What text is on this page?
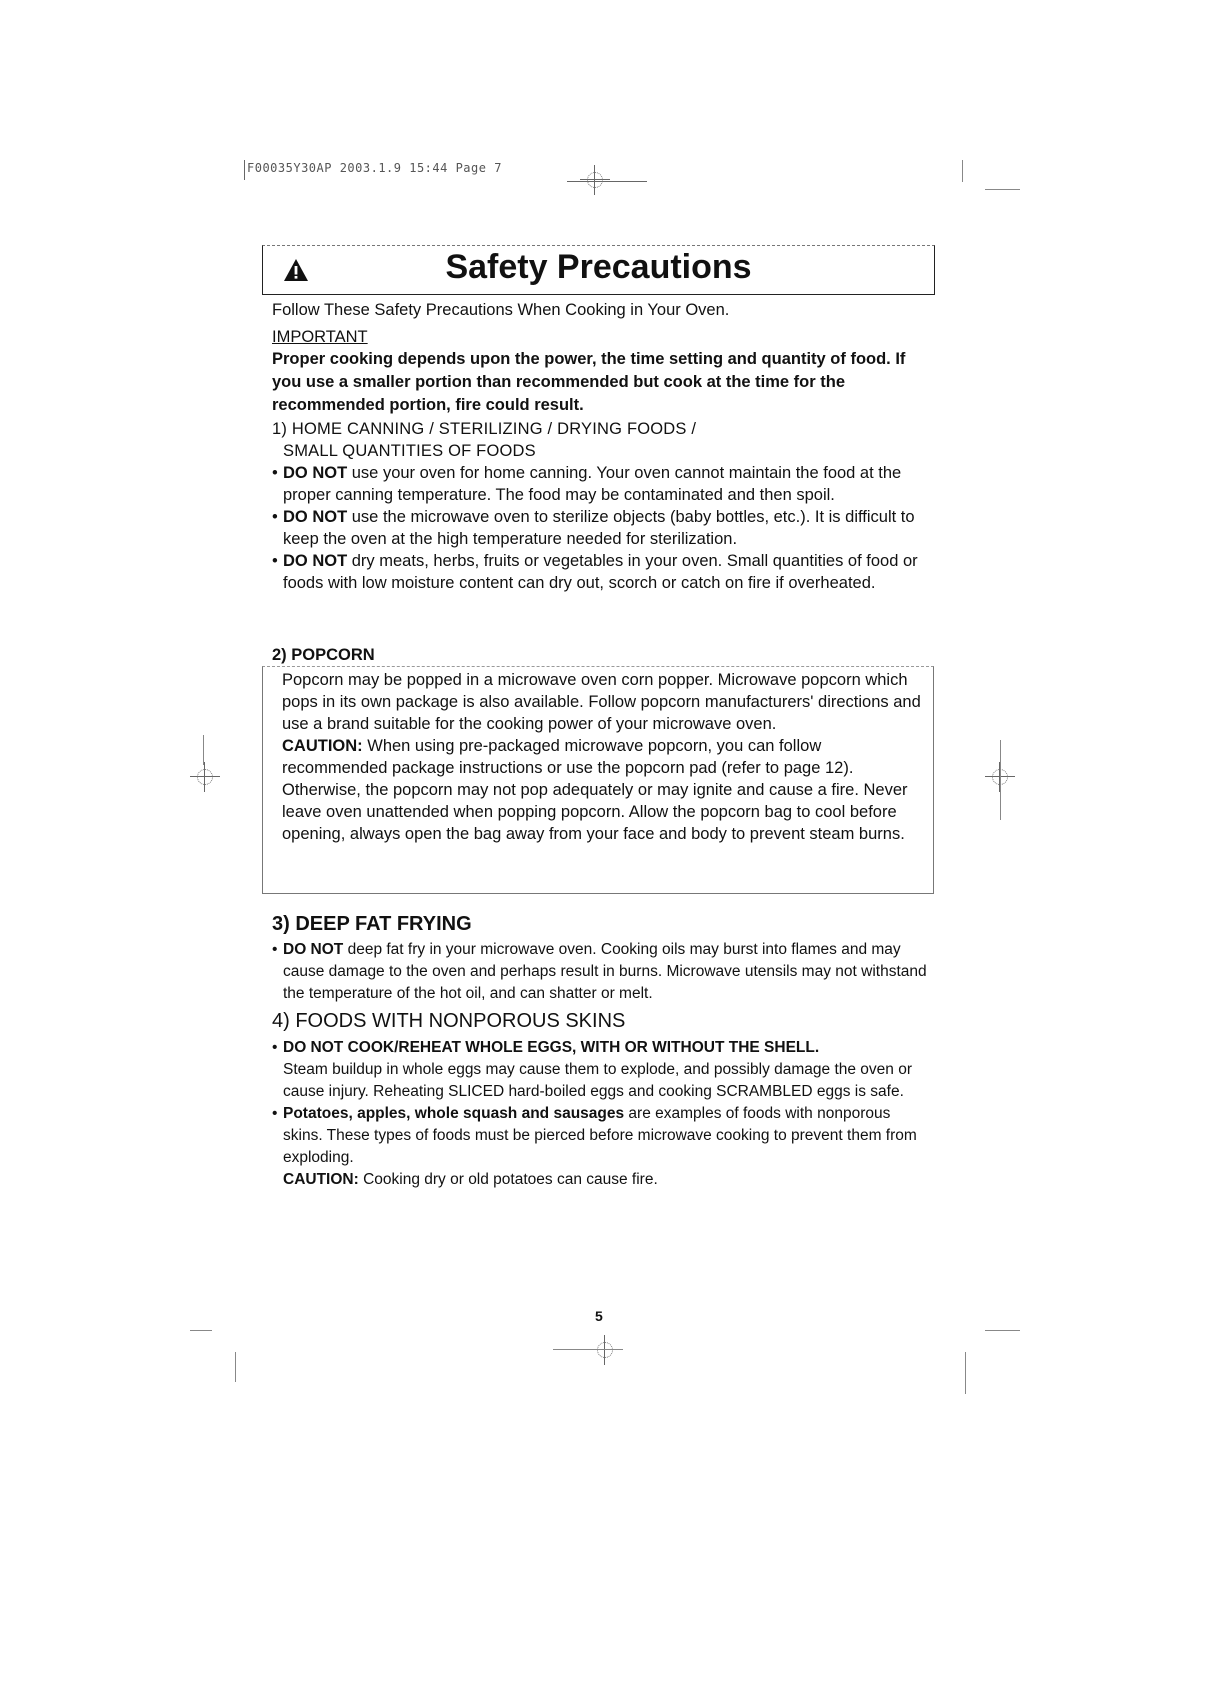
F00035Y30AP 2003.1.9 15:44 Page 7
Safety Precautions

Follow These Safety Precautions When Cooking in Your Oven.

IMPORTANT

Proper cooking depends upon the power, the time setting and quantity of food. If you use a smaller portion than recommended but cook at the time for the recommended portion, fire could result.

1) HOME CANNING / STERILIZING / DRYING FOODS /
SMALL QUANTITIES OF FOODS

• DO NOT use your oven for home canning. Your oven cannot maintain the food at the proper canning temperature. The food may be contaminated and then spoil.

• DO NOT use the microwave oven to sterilize objects (baby bottles, etc.). It is difficult to keep the oven at the high temperature needed for sterilization.

• DO NOT dry meats, herbs, fruits or vegetables in your oven. Small quantities of food or foods with low moisture content can dry out, scorch or catch on fire if overheated.

2) POPCORN

Popcorn may be popped in a microwave oven corn popper. Microwave popcorn which pops in its own package is also available. Follow popcorn manufacturers' directions and use a brand suitable for the cooking power of your microwave oven.

CAUTION: When using pre-packaged microwave popcorn, you can follow recommended package instructions or use the popcorn pad (refer to page 12). Otherwise, the popcorn may not pop adequately or may ignite and cause a fire. Never leave oven unattended when popping popcorn. Allow the popcorn bag to cool before opening, always open the bag away from your face and body to prevent steam burns.

3) DEEP FAT FRYING

• DO NOT deep fat fry in your microwave oven. Cooking oils may burst into flames and may cause damage to the oven and perhaps result in burns. Microwave utensils may not withstand the temperature of the hot oil, and can shatter or melt.

4) FOODS WITH NONPOROUS SKINS

• DO NOT COOK/REHEAT WHOLE EGGS, WITH OR WITHOUT THE SHELL.

Steam buildup in whole eggs may cause them to explode, and possibly damage the oven or cause injury. Reheating SLICED hard-boiled eggs and cooking SCRAMBLED eggs is safe.

• Potatoes, apples, whole squash and sausages are examples of foods with nonporous skins. These types of foods must be pierced before microwave cooking to prevent them from exploding.

CAUTION: Cooking dry or old potatoes can cause fire.

5
